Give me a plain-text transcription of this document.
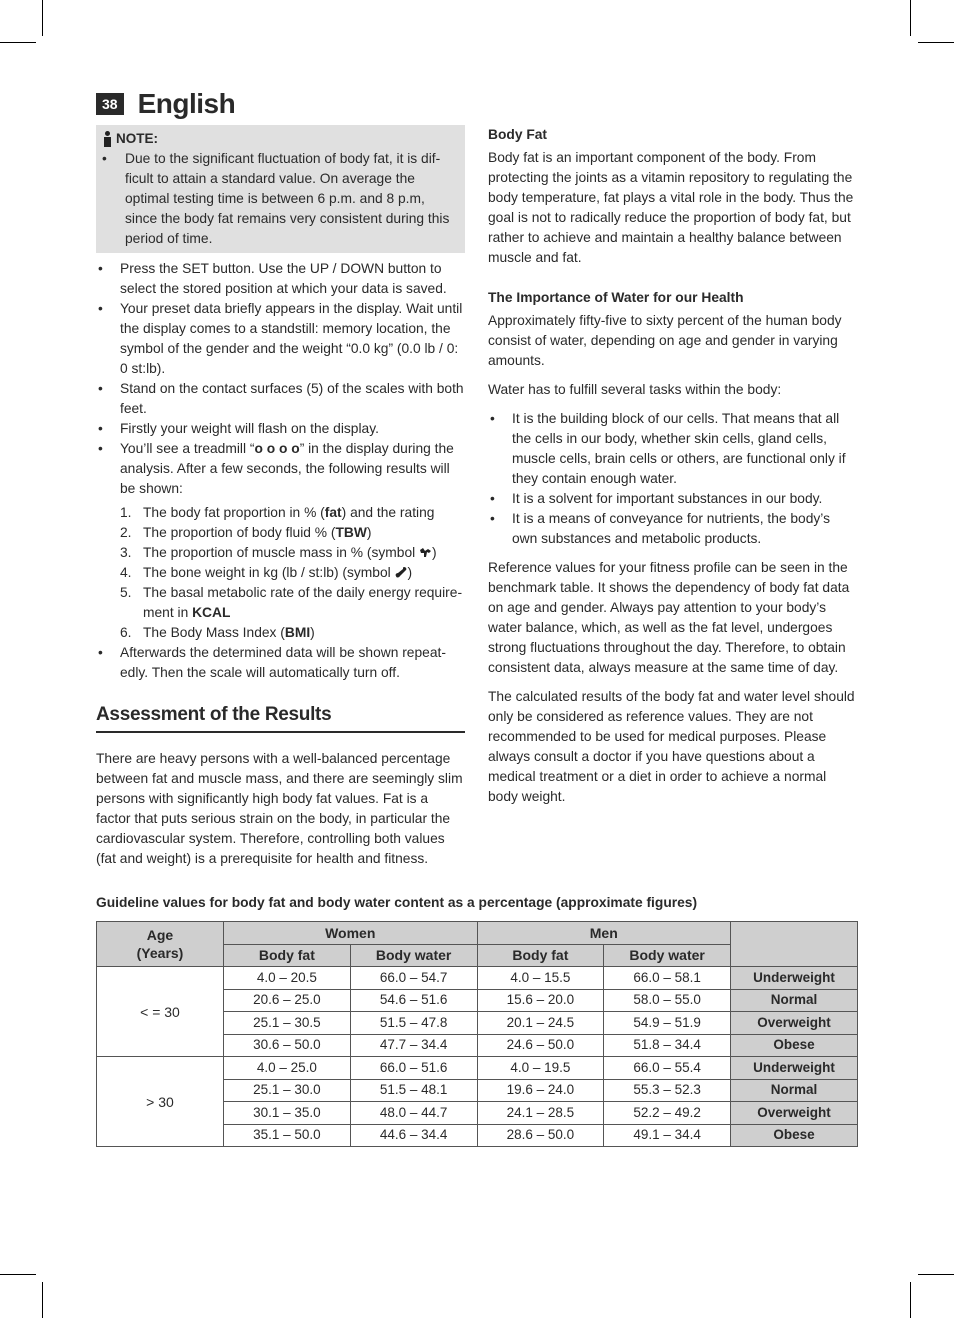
38 English
NOTE:
• Due to the significant fluctuation of body fat, it is difficult to attain a standard value. On average the optimal testing time is between 6 p.m. and 8 p.m, since the body fat remains very consistent during this period of time.
• Press the SET button. Use the UP / DOWN button to select the stored position at which your data is saved.
• Your preset data briefly appears in the display. Wait until the display comes to a standstill: memory location, the symbol of the gender and the weight “0.0 kg” (0.0 lb / 0: 0 st:lb).
• Stand on the contact surfaces (5) of the scales with both feet.
• Firstly your weight will flash on the display.
• You’ll see a treadmill “o o o o” in the display during the analysis. After a few seconds, the following results will be shown:
1. The body fat proportion in % (fat) and the rating
2. The proportion of body fluid % (TBW)
3. The proportion of muscle mass in % (symbol )
4. The bone weight in kg (lb / st:lb) (symbol )
5. The basal metabolic rate of the daily energy requirement in KCAL
6. The Body Mass Index (BMI)
• Afterwards the determined data will be shown repeatedly. Then the scale will automatically turn off.
Assessment of the Results

There are heavy persons with a well-balanced percentage between fat and muscle mass, and there are seemingly slim persons with significantly high body fat values. Fat is a factor that puts serious strain on the body, in particular the cardiovascular system. Therefore, controlling both values (fat and weight) is a prerequisite for health and fitness.

Body Fat

Body fat is an important component of the body. From protecting the joints as a vitamin repository to regulating the body temperature, fat plays a vital role in the body. Thus the goal is not to radically reduce the proportion of body fat, but rather to achieve and maintain a healthy balance between muscle and fat.

The Importance of Water for our Health

Approximately fifty-five to sixty percent of the human body consist of water, depending on age and gender in varying amounts.

Water has to fulfill several tasks within the body:

• It is the building block of our cells. That means that all the cells in our body, whether skin cells, gland cells, muscle cells, brain cells or others, are functional only if they contain enough water.
• It is a solvent for important substances in our body.
• It is a means of conveyance for nutrients, the body’s own substances and metabolic products.

Reference values for your fitness profile can be seen in the benchmark table. It shows the dependency of body fat data on age and gender. Always pay attention to your body’s water balance, which, as well as the fat level, undergoes strong fluctuations throughout the day. Therefore, to obtain consistent data, always measure at the same time of day.

The calculated results of the body fat and water level should only be considered as reference values. They are not recommended to be used for medical purposes. Please always consult a doctor if you have questions about a medical treatment or a diet in order to achieve a normal body weight.

Guideline values for body fat and body water content as a percentage (approximate figures)
Age
(Years)	Women		Men		
	Body fat	Body water	Body fat	Body water	
< = 30	4.0 – 20.5	66.0 – 54.7	4.0 – 15.5	66.0 – 58.1	Underweight
	20.6 – 25.0	54.6 – 51.6	15.6 – 20.0	58.0 – 55.0	Normal
	25.1 – 30.5	51.5 – 47.8	20.1 – 24.5	54.9 – 51.9	Overweight
	30.6 – 50.0	47.7 – 34.4	24.6 – 50.0	51.8 – 34.4	Obese
> 30	4.0 – 25.0	66.0 – 51.6	4.0 – 19.5	66.0 – 55.4	Underweight
	25.1 – 30.0	51.5 – 48.1	19.6 – 24.0	55.3 – 52.3	Normal
	30.1 – 35.0	48.0 – 44.7	24.1 – 28.5	52.2 – 49.2	Overweight
	35.1 – 50.0	44.6 – 34.4	28.6 – 50.0	49.1 – 34.4	Obese
